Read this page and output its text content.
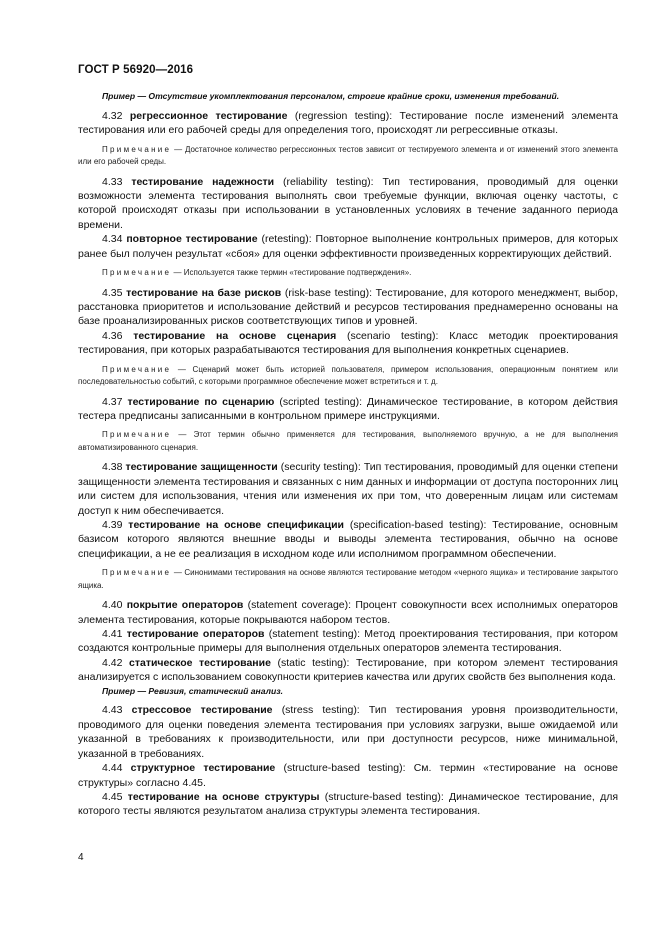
ГОСТ Р 56920—2016

Пример — Отсутствие укомплектования персоналом, строгие крайние сроки, изменения требований.

4.32 регрессионное тестирование (regression testing): Тестирование после изменений элемента тестирования или его рабочей среды для определения того, происходят ли регрессивные отказы.

Примечание — Достаточное количество регрессионных тестов зависит от тестируемого элемента и от изменений этого элемента или его рабочей среды.

4.33 тестирование надежности (reliability testing): Тип тестирования, проводимый для оценки возможности элемента тестирования выполнять свои требуемые функции, включая оценку частоты, с которой происходят отказы при использовании в установленных условиях в течение заданного периода времени.

4.34 повторное тестирование (retesting): Повторное выполнение контрольных примеров, для которых ранее был получен результат «сбоя» для оценки эффективности произведенных корректирующих действий.

Примечание — Используется также термин «тестирование подтверждения».

4.35 тестирование на базе рисков (risk-base testing): Тестирование, для которого менеджмент, выбор, расстановка приоритетов и использование действий и ресурсов тестирования преднамеренно основаны на базе проанализированных рисков соответствующих типов и уровней.

4.36 тестирование на основе сценария (scenario testing): Класс методик проектирования тестирования, при которых разрабатываются тестирования для выполнения конкретных сценариев.

Примечание — Сценарий может быть историей пользователя, примером использования, операционным понятием или последовательностью событий, с которыми программное обеспечение может встретиться и т. д.

4.37 тестирование по сценарию (scripted testing): Динамическое тестирование, в котором действия тестера предписаны записанными в контрольном примере инструкциями.

Примечание — Этот термин обычно применяется для тестирования, выполняемого вручную, а не для выполнения автоматизированного сценария.

4.38 тестирование защищенности (security testing): Тип тестирования, проводимый для оценки степени защищенности элемента тестирования и связанных с ним данных и информации от доступа посторонних лиц или систем для использования, чтения или изменения их при том, что доверенным лицам или системам доступ к ним обеспечивается.

4.39 тестирование на основе спецификации (specification-based testing): Тестирование, основным базисом которого являются внешние вводы и выводы элемента тестирования, обычно на основе спецификации, а не ее реализация в исходном коде или исполнимом программном обеспечении.

Примечание — Синонимами тестирования на основе являются тестирование методом «черного ящика» и тестирование закрытого ящика.

4.40 покрытие операторов (statement coverage): Процент совокупности всех исполнимых операторов элемента тестирования, которые покрываются набором тестов.

4.41 тестирование операторов (statement testing): Метод проектирования тестирования, при котором создаются контрольные примеры для выполнения отдельных операторов элемента тестирования.

4.42 статическое тестирование (static testing): Тестирование, при котором элемент тестирования анализируется с использованием совокупности критериев качества или других свойств без выполнения кода.

Пример — Ревизия, статический анализ.

4.43 стрессовое тестирование (stress testing): Тип тестирования уровня производительности, проводимого для оценки поведения элемента тестирования при условиях загрузки, выше ожидаемой или указанной в требованиях к производительности, или при доступности ресурсов, ниже минимальной, указанной в требованиях.

4.44 структурное тестирование (structure-based testing): См. термин «тестирование на основе структуры» согласно 4.45.

4.45 тестирование на основе структуры (structure-based testing): Динамическое тестирование, для которого тесты являются результатом анализа структуры элемента тестирования.

4
